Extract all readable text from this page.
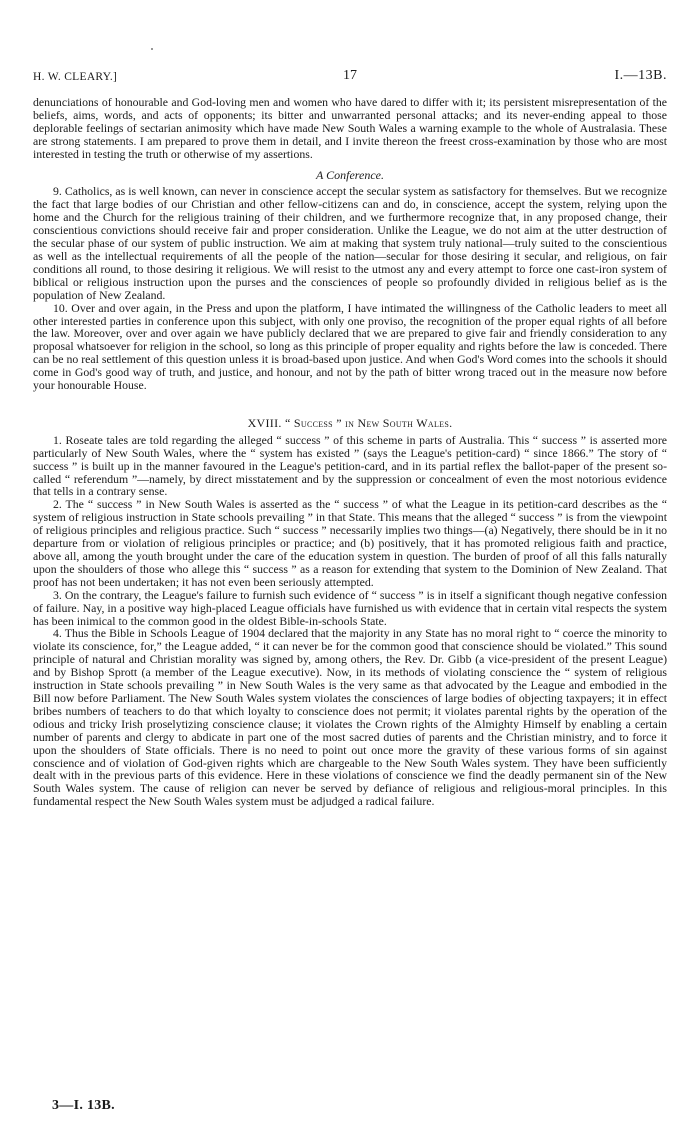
H. W. CLEARY.]	17	I.—13B.

denunciations of honourable and God-loving men and women who have dared to differ with it; its persistent misrepresentation of the beliefs, aims, words, and acts of opponents; its bitter and unwarranted personal attacks; and its never-ending appeal to those deplorable feelings of sectarian animosity which have made New South Wales a warning example to the whole of Australasia. These are strong statements. I am prepared to prove them in detail, and I invite thereon the freest cross-examination by those who are most interested in testing the truth or otherwise of my assertions.

A Conference.

9. Catholics, as is well known, can never in conscience accept the secular system as satisfactory for themselves. But we recognize the fact that large bodies of our Christian and other fellow-citizens can and do, in conscience, accept the system, relying upon the home and the Church for the religious training of their children, and we furthermore recognize that, in any proposed change, their conscientious convictions should receive fair and proper consideration. Unlike the League, we do not aim at the utter destruction of the secular phase of our system of public instruction. We aim at making that system truly national—truly suited to the conscientious as well as the intellectual requirements of all the people of the nation—secular for those desiring it secular, and religious, on fair conditions all round, to those desiring it religious. We will resist to the utmost any and every attempt to force one cast-iron system of biblical or religious instruction upon the purses and the consciences of people so profoundly divided in religious belief as is the population of New Zealand.

10. Over and over again, in the Press and upon the platform, I have intimated the willingness of the Catholic leaders to meet all other interested parties in conference upon this subject, with only one proviso, the recognition of the proper equal rights of all before the law. Moreover, over and over again we have publicly declared that we are prepared to give fair and friendly consideration to any proposal whatsoever for religion in the school, so long as this principle of proper equality and rights before the law is conceded. There can be no real settlement of this question unless it is broad-based upon justice. And when God's Word comes into the schools it should come in God's good way of truth, and justice, and honour, and not by the path of bitter wrong traced out in the measure now before your honourable House.

XVIII. “ Success ” in New South Wales.

1. Roseate tales are told regarding the alleged “ success ” of this scheme in parts of Australia. This “ success ” is asserted more particularly of New South Wales, where the “ system has existed ” (says the League's petition-card) “ since 1866.” The story of “ success ” is built up in the manner favoured in the League's petition-card, and in its partial reflex the ballot-paper of the present so-called “ referendum ”—namely, by direct misstatement and by the suppression or concealment of even the most notorious evidence that tells in a contrary sense.

2. The “ success ” in New South Wales is asserted as the “ success ” of what the League in its petition-card describes as the “ system of religious instruction in State schools prevailing ” in that State. This means that the alleged “ success ” is from the viewpoint of religious principles and religious practice. Such “ success ” necessarily implies two things—(a) Negatively, there should be in it no departure from or violation of religious principles or practice; and (b) positively, that it has promoted religious faith and practice, above all, among the youth brought under the care of the education system in question. The burden of proof of all this falls naturally upon the shoulders of those who allege this “ success ” as a reason for extending that system to the Dominion of New Zealand. That proof has not been undertaken; it has not even been seriously attempted.

3. On the contrary, the League's failure to furnish such evidence of “ success ” is in itself a significant though negative confession of failure. Nay, in a positive way high-placed League officials have furnished us with evidence that in certain vital respects the system has been inimical to the common good in the oldest Bible-in-schools State.

4. Thus the Bible in Schools League of 1904 declared that the majority in any State has no moral right to “ coerce the minority to violate its conscience, for,” the League added, “ it can never be for the common good that conscience should be violated.” This sound principle of natural and Christian morality was signed by, among others, the Rev. Dr. Gibb (a vice-president of the present League) and by Bishop Sprott (a member of the League executive). Now, in its methods of violating conscience the “ system of religious instruction in State schools prevailing ” in New South Wales is the very same as that advocated by the League and embodied in the Bill now before Parliament. The New South Wales system violates the consciences of large bodies of objecting taxpayers; it in effect bribes numbers of teachers to do that which loyalty to conscience does not permit; it violates parental rights by the operation of the odious and tricky Irish proselytizing conscience clause; it violates the Crown rights of the Almighty Himself by enabling a certain number of parents and clergy to abdicate in part one of the most sacred duties of parents and the Christian ministry, and to force it upon the shoulders of State officials. There is no need to point out once more the gravity of these various forms of sin against conscience and of violation of God-given rights which are chargeable to the New South Wales system. They have been sufficiently dealt with in the previous parts of this evidence. Here in these violations of conscience we find the deadly permanent sin of the New South Wales system. The cause of religion can never be served by defiance of religious and religious-moral principles. In this fundamental respect the New South Wales system must be adjudged a radical failure.

3—I. 13B.
